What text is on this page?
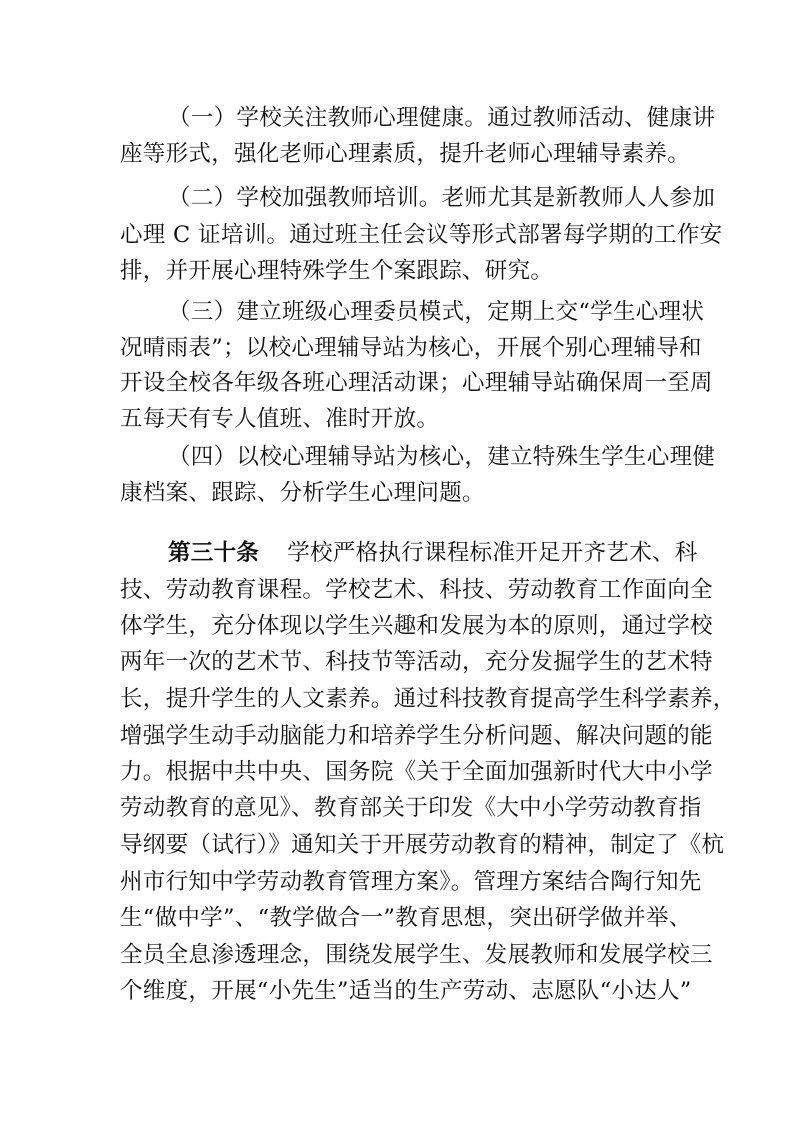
（一）学校关注教师心理健康。通过教师活动、健康讲
座等形式，强化老师心理素质，提升老师心理辅导素养。
（二）学校加强教师培训。老师尤其是新教师人人参加
心理 C 证培训。通过班主任会议等形式部署每学期的工作安
排，并开展心理特殊学生个案跟踪、研究。
（三）建立班级心理委员模式，定期上交“学生心理状
况晴雨表”；以校心理辅导站为核心，开展个别心理辅导和
开设全校各年级各班心理活动课；心理辅导站确保周一至周
五每天有专人值班、准时开放。
（四）以校心理辅导站为核心，建立特殊生学生心理健
康档案、跟踪、分析学生心理问题。
第三十条 学校严格执行课程标准开足开齐艺术、科
技、劳动教育课程。学校艺术、科技、劳动教育工作面向全
体学生，充分体现以学生兴趣和发展为本的原则，通过学校
两年一次的艺术节、科技节等活动，充分发掘学生的艺术特
长，提升学生的人文素养。通过科技教育提高学生科学素养，
增强学生动手动脑能力和培养学生分析问题、解决问题的能
力。根据中共中央、国务院《关于全面加强新时代大中小学
劳动教育的意见》、教育部关于印发《大中小学劳动教育指
导纲要（试行）》通知关于开展劳动教育的精神，制定了《杭
州市行知中学劳动教育管理方案》。管理方案结合陶行知先
生“做中学”、“教学做合一”教育思想，突出研学做并举、
全员全息渗透理念，围绕发展学生、发展教师和发展学校三
个维度，开展“小先生”适当的生产劳动、志愿队“小达人”
